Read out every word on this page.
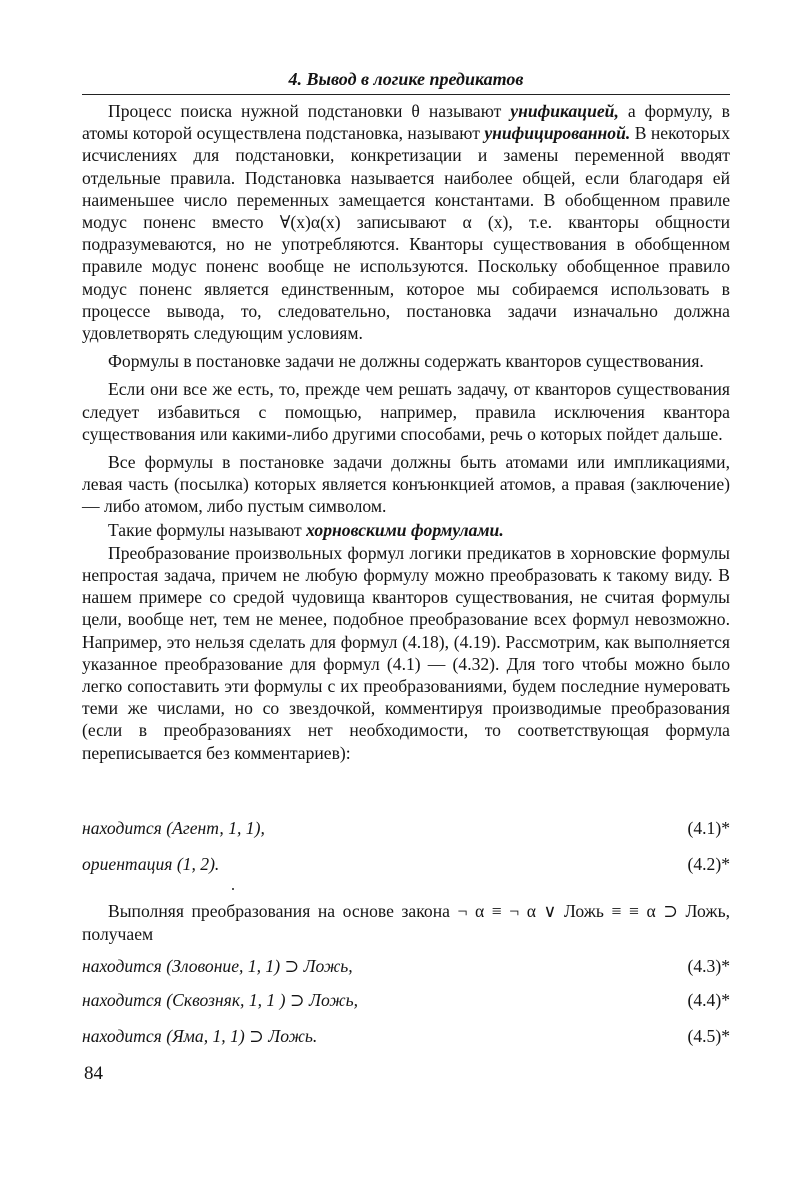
4. Вывод в логике предикатов

Процесс поиска нужной подстановки θ называют унификацией, а формулу, в атомы которой осуществлена подстановка, называют унифицированной. В некоторых исчислениях для подстановки, конкретизации и замены переменной вводят отдельные правила. Подстановка называется наиболее общей, если благодаря ей наименьшее число переменных замещается константами. В обобщенном правиле модус поненс вместо ∀(x)α(x) записывают α (x), т.е. кванторы общности подразумеваются, но не употребляются. Кванторы существования в обобщенном правиле модус поненс вообще не используются. Поскольку обобщенное правило модус поненс является единственным, которое мы собираемся использовать в процессе вывода, то, следовательно, постановка задачи изначально должна удовлетворять следующим условиям.

Формулы в постановке задачи не должны содержать кванторов существования.

Если они все же есть, то, прежде чем решать задачу, от кванторов существования следует избавиться с помощью, например, правила исключения квантора существования или какими-либо другими способами, речь о которых пойдет дальше.

Все формулы в постановке задачи должны быть атомами или импликациями, левая часть (посылка) которых является конъюнкцией атомов, а правая (заключение) — либо атомом, либо пустым символом.

Такие формулы называют хорновскими формулами.

Преобразование произвольных формул логики предикатов в хорновские формулы непростая задача, причем не любую формулу можно преобразовать к такому виду. В нашем примере со средой чудовища кванторов существования, не считая формулы цели, вообще нет, тем не менее, подобное преобразование всех формул невозможно. Например, это нельзя сделать для формул (4.18), (4.19). Рассмотрим, как выполняется указанное преобразование для формул (4.1) — (4.32). Для того чтобы можно было легко сопоставить эти формулы с их преобразованиями, будем последние нумеровать теми же числами, но со звездочкой, комментируя производимые преобразования (если в преобразованиях нет необходимости, то соответствующая формула переписывается без комментариев):

находится (Агент, 1, 1),	(4.1)*
ориентация (1, 2).	(4.2)*

Выполняя преобразования на основе закона ¬ α ≡ ¬ α ∨ Ложь ≡ ≡ α ⊃ Ложь, получаем

находится (Зловоние, 1, 1) ⊃ Ложь,	(4.3)*
находится (Сквозняк, 1, 1 ) ⊃ Ложь,	(4.4)*
находится (Яма, 1, 1) ⊃ Ложь.	(4.5)*
84
